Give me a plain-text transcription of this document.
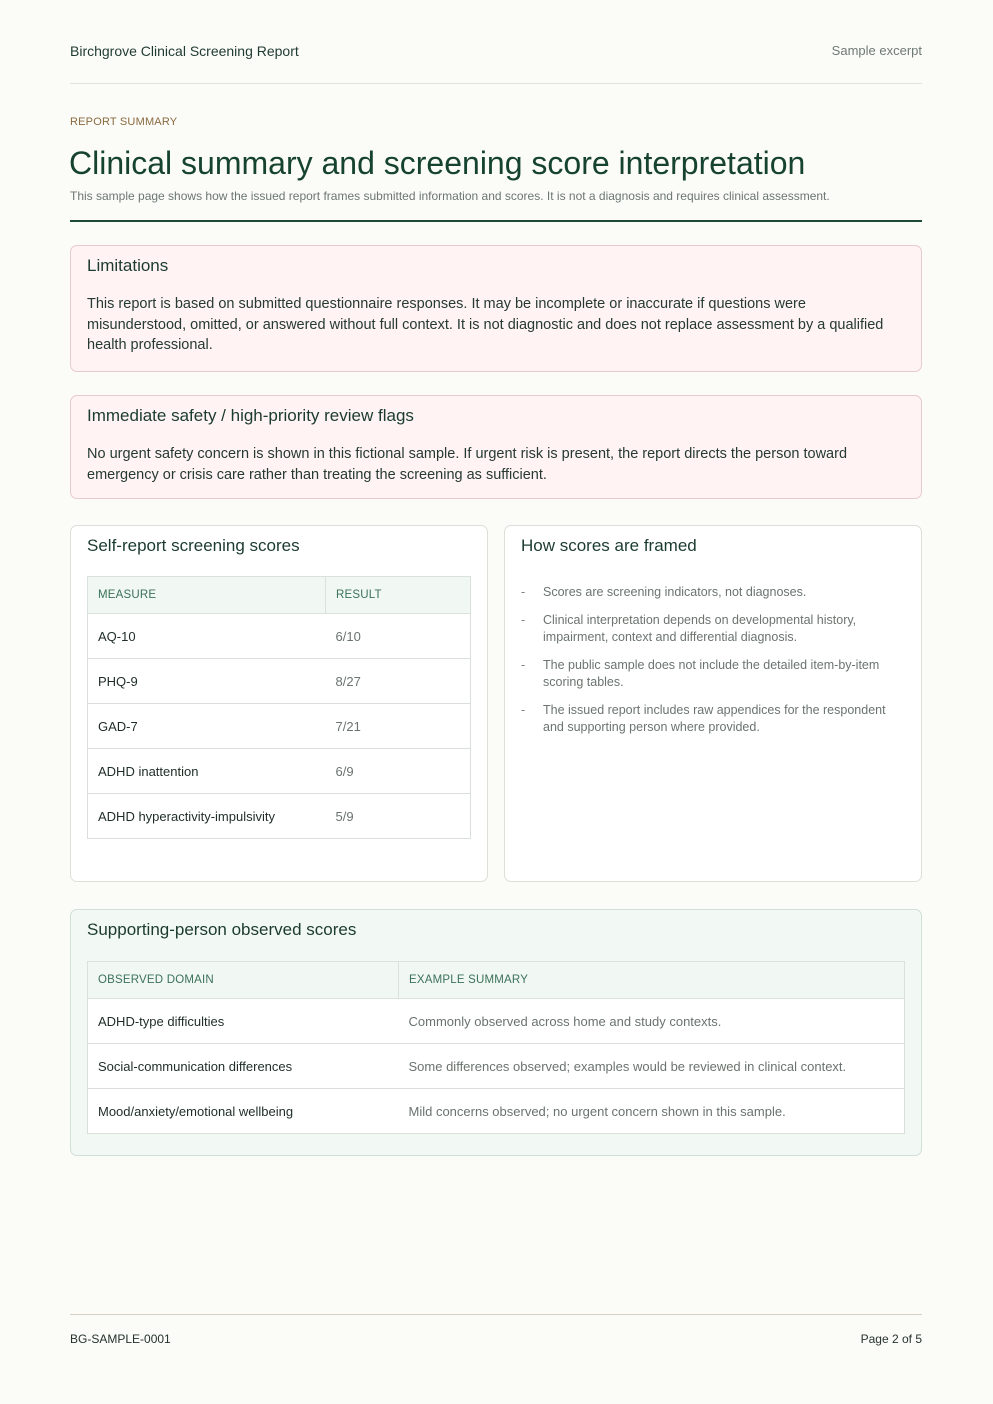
Birchgrove Clinical Screening Report	Sample excerpt
REPORT SUMMARY
Clinical summary and screening score interpretation

This sample page shows how the issued report frames submitted information and scores. It is not a diagnosis and requires clinical assessment.

Limitations

This report is based on submitted questionnaire responses. It may be incomplete or inaccurate if questions were misunderstood, omitted, or answered without full context. It is not diagnostic and does not replace assessment by a qualified health professional.

Immediate safety / high-priority review flags

No urgent safety concern is shown in this fictional sample. If urgent risk is present, the report directs the person toward emergency or crisis care rather than treating the screening as sufficient.

Self-report screening scores
MEASURE	RESULT
AQ-10	6/10
PHQ-9	8/27
GAD-7	7/21
ADHD inattention	6/9
ADHD hyperactivity-impulsivity	5/9
How scores are framed
- Scores are screening indicators, not diagnoses.
- Clinical interpretation depends on developmental history, impairment, context and differential diagnosis.
- The public sample does not include the detailed item-by-item scoring tables.
- The issued report includes raw appendices for the respondent and supporting person where provided.
Supporting-person observed scores
OBSERVED DOMAIN	EXAMPLE SUMMARY
ADHD-type difficulties	Commonly observed across home and study contexts.
Social-communication differences	Some differences observed; examples would be reviewed in clinical context.
Mood/anxiety/emotional wellbeing	Mild concerns observed; no urgent concern shown in this sample.
BG-SAMPLE-0001	Page 2 of 5
